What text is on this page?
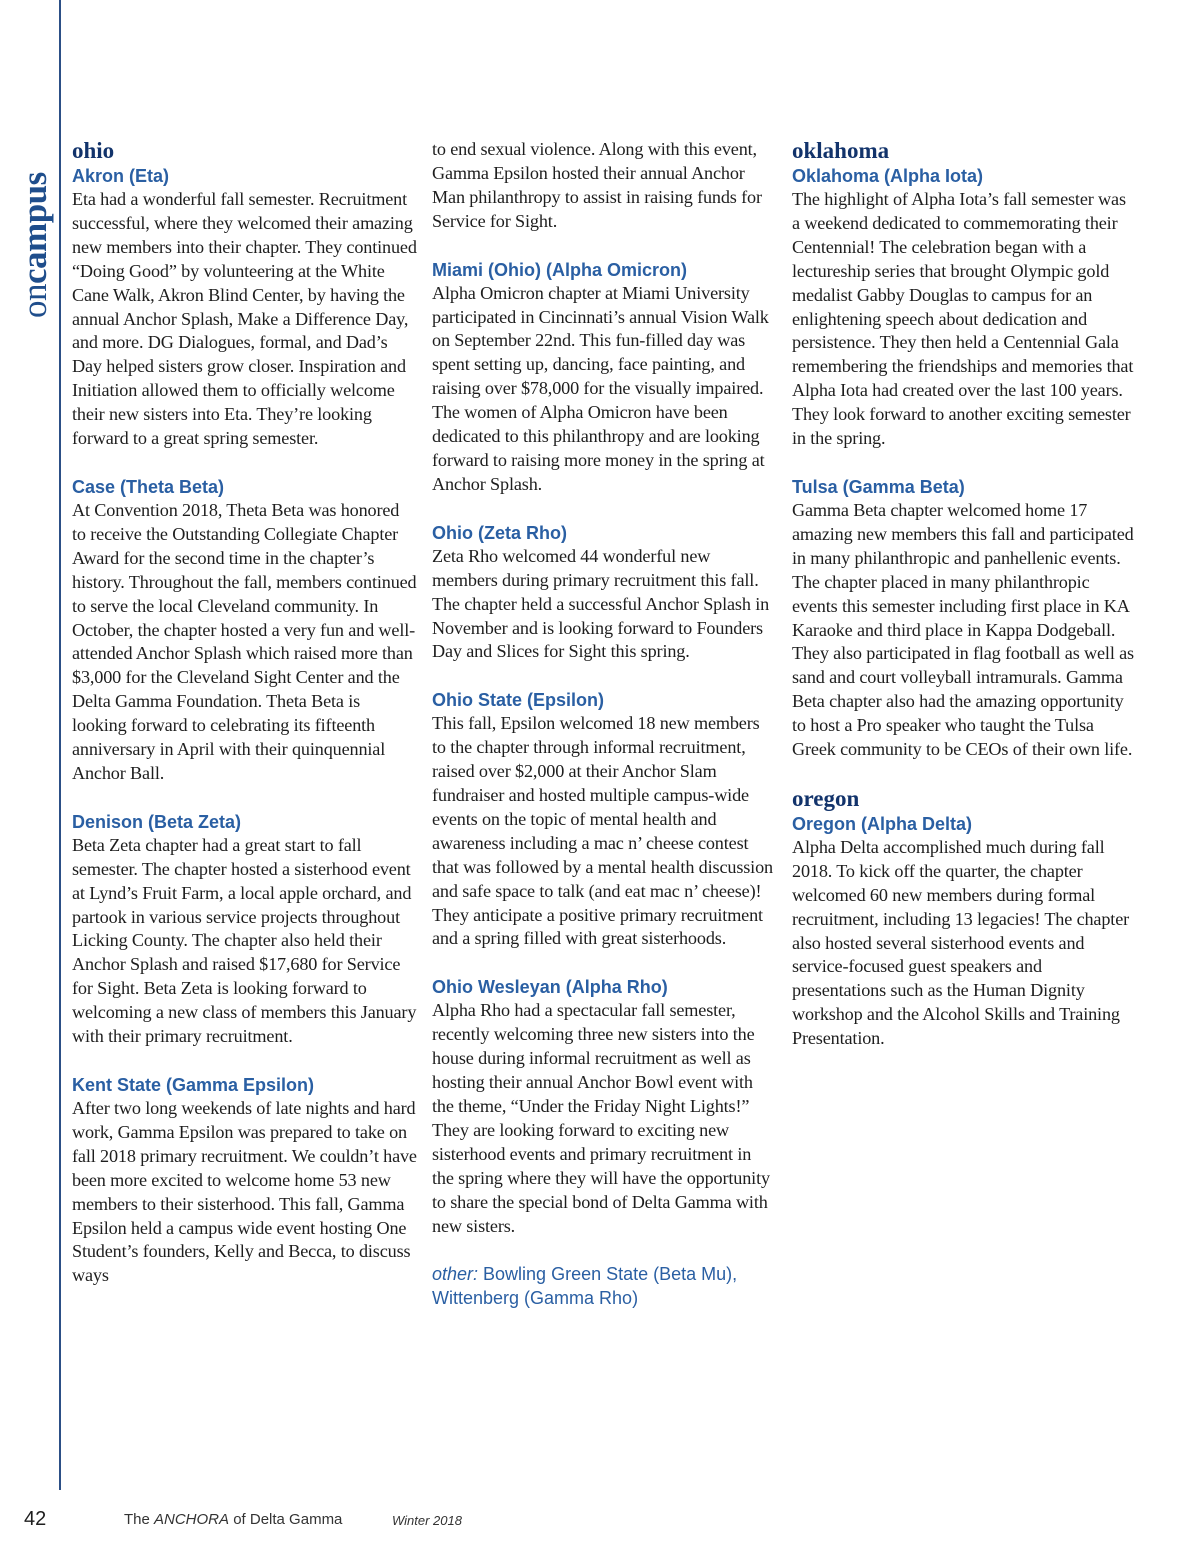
oncampus
ohio
Akron (Eta)

Eta had a wonderful fall semester. Recruitment successful, where they welcomed their amazing new members into their chapter. They continued “Doing Good” by volunteering at the White Cane Walk, Akron Blind Center, by having the annual Anchor Splash, Make a Difference Day, and more. DG Dialogues, formal, and Dad’s Day helped sisters grow closer. Inspiration and Initiation allowed them to officially welcome their new sisters into Eta. They’re looking forward to a great spring semester.

Case (Theta Beta)

At Convention 2018, Theta Beta was honored to receive the Outstanding Collegiate Chapter Award for the second time in the chapter’s history. Throughout the fall, members continued to serve the local Cleveland community. In October, the chapter hosted a very fun and well-attended Anchor Splash which raised more than $3,000 for the Cleveland Sight Center and the Delta Gamma Foundation. Theta Beta is looking forward to celebrating its fifteenth anniversary in April with their quinquennial Anchor Ball.

Denison (Beta Zeta)

Beta Zeta chapter had a great start to fall semester. The chapter hosted a sisterhood event at Lynd’s Fruit Farm, a local apple orchard, and partook in various service projects throughout Licking County. The chapter also held their Anchor Splash and raised $17,680 for Service for Sight. Beta Zeta is looking forward to welcoming a new class of members this January with their primary recruitment.

Kent State (Gamma Epsilon)

After two long weekends of late nights and hard work, Gamma Epsilon was prepared to take on fall 2018 primary recruitment. We couldn’t have been more excited to welcome home 53 new members to their sisterhood. This fall, Gamma Epsilon held a campus wide event hosting One Student’s founders, Kelly and Becca, to discuss ways

to end sexual violence. Along with this event, Gamma Epsilon hosted their annual Anchor Man philanthropy to assist in raising funds for Service for Sight.

Miami (Ohio) (Alpha Omicron)

Alpha Omicron chapter at Miami University participated in Cincinnati’s annual Vision Walk on September 22nd. This fun-filled day was spent setting up, dancing, face painting, and raising over $78,000 for the visually impaired. The women of Alpha Omicron have been dedicated to this philanthropy and are looking forward to raising more money in the spring at Anchor Splash.

Ohio (Zeta Rho)

Zeta Rho welcomed 44 wonderful new members during primary recruitment this fall. The chapter held a successful Anchor Splash in November and is looking forward to Founders Day and Slices for Sight this spring.

Ohio State (Epsilon)

This fall, Epsilon welcomed 18 new members to the chapter through informal recruitment, raised over $2,000 at their Anchor Slam fundraiser and hosted multiple campus-wide events on the topic of mental health and awareness including a mac n’ cheese contest that was followed by a mental health discussion and safe space to talk (and eat mac n’ cheese)! They anticipate a positive primary recruitment and a spring filled with great sisterhoods.

Ohio Wesleyan (Alpha Rho)

Alpha Rho had a spectacular fall semester, recently welcoming three new sisters into the house during informal recruitment as well as hosting their annual Anchor Bowl event with the theme, “Under the Friday Night Lights!” They are looking forward to exciting new sisterhood events and primary recruitment in the spring where they will have the opportunity to share the special bond of Delta Gamma with new sisters.

other: Bowling Green State (Beta Mu), Wittenberg (Gamma Rho)

oklahoma
Oklahoma (Alpha Iota)

The highlight of Alpha Iota’s fall semester was a weekend dedicated to commemorating their Centennial! The celebration began with a lectureship series that brought Olympic gold medalist Gabby Douglas to campus for an enlightening speech about dedication and persistence. They then held a Centennial Gala remembering the friendships and memories that Alpha Iota had created over the last 100 years. They look forward to another exciting semester in the spring.

Tulsa (Gamma Beta)

Gamma Beta chapter welcomed home 17 amazing new members this fall and participated in many philanthropic and panhellenic events. The chapter placed in many philanthropic events this semester including first place in KA Karaoke and third place in Kappa Dodgeball. They also participated in flag football as well as sand and court volleyball intramurals. Gamma Beta chapter also had the amazing opportunity to host a Pro speaker who taught the Tulsa Greek community to be CEOs of their own life.

oregon
Oregon (Alpha Delta)

Alpha Delta accomplished much during fall 2018. To kick off the quarter, the chapter welcomed 60 new members during formal recruitment, including 13 legacies! The chapter also hosted several sisterhood events and service-focused guest speakers and presentations such as the Human Dignity workshop and the Alcohol Skills and Training Presentation.

42	The ANCHORA of Delta Gamma	Winter 2018
